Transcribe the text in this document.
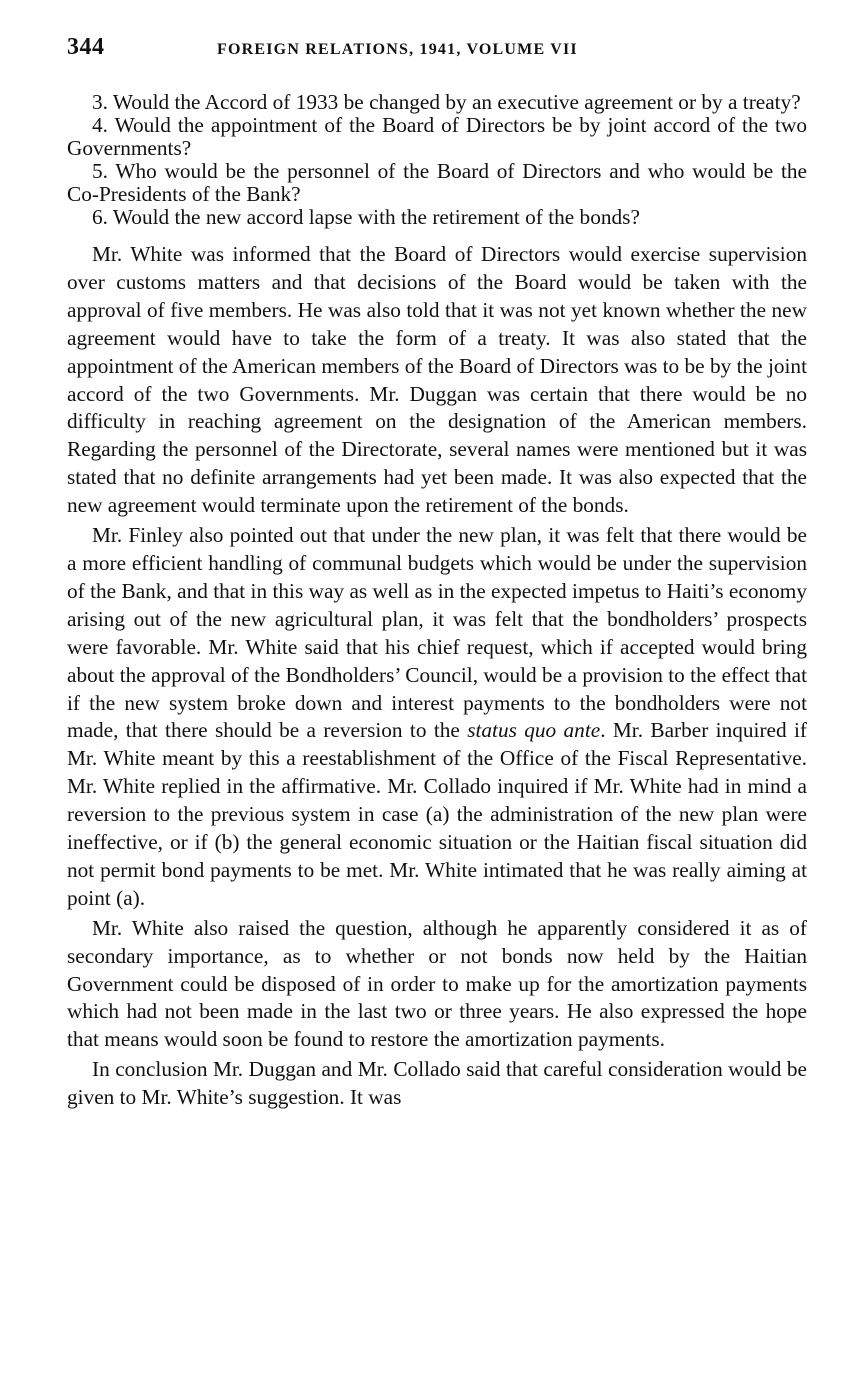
344	FOREIGN RELATIONS, 1941, VOLUME VII

3. Would the Accord of 1933 be changed by an executive agreement or by a treaty?

4. Would the appointment of the Board of Directors be by joint accord of the two Governments?

5. Who would be the personnel of the Board of Directors and who would be the Co-Presidents of the Bank?

6. Would the new accord lapse with the retirement of the bonds?

Mr. White was informed that the Board of Directors would exercise supervision over customs matters and that decisions of the Board would be taken with the approval of five members. He was also told that it was not yet known whether the new agreement would have to take the form of a treaty. It was also stated that the appointment of the American members of the Board of Directors was to be by the joint accord of the two Governments. Mr. Duggan was certain that there would be no difficulty in reaching agreement on the designation of the American members. Regarding the personnel of the Directorate, several names were mentioned but it was stated that no definite arrangements had yet been made. It was also expected that the new agreement would terminate upon the retirement of the bonds.

Mr. Finley also pointed out that under the new plan, it was felt that there would be a more efficient handling of communal budgets which would be under the supervision of the Bank, and that in this way as well as in the expected impetus to Haiti’s economy arising out of the new agricultural plan, it was felt that the bondholders’ prospects were favorable. Mr. White said that his chief request, which if accepted would bring about the approval of the Bondholders’ Council, would be a provision to the effect that if the new system broke down and interest payments to the bondholders were not made, that there should be a reversion to the status quo ante. Mr. Barber inquired if Mr. White meant by this a reestablishment of the Office of the Fiscal Representative. Mr. White replied in the affirmative. Mr. Collado inquired if Mr. White had in mind a reversion to the previous system in case (a) the administration of the new plan were ineffective, or if (b) the general economic situation or the Haitian fiscal situation did not permit bond payments to be met. Mr. White intimated that he was really aiming at point (a).

Mr. White also raised the question, although he apparently considered it as of secondary importance, as to whether or not bonds now held by the Haitian Government could be disposed of in order to make up for the amortization payments which had not been made in the last two or three years. He also expressed the hope that means would soon be found to restore the amortization payments.

In conclusion Mr. Duggan and Mr. Collado said that careful consideration would be given to Mr. White’s suggestion. It was
